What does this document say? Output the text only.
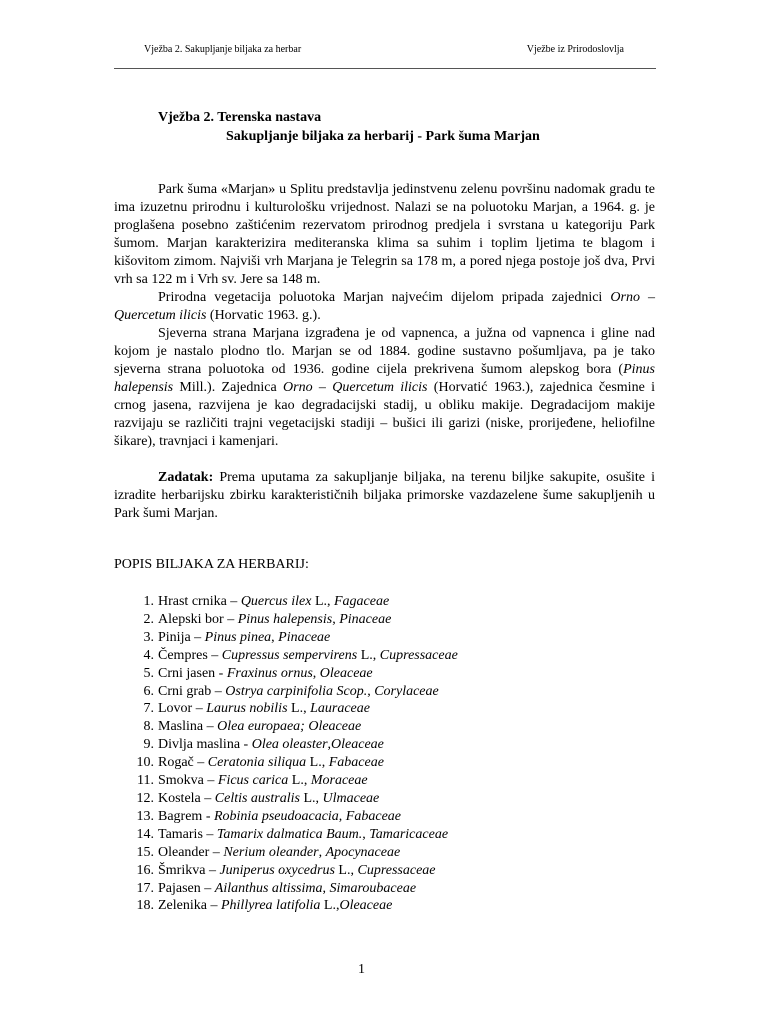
Vježba 2. Sakupljanje biljaka za herbar	Vježbe iz Prirodoslovlja
Vježba 2. Terenska nastava
Sakupljanje biljaka za herbarij - Park šuma Marjan

Park šuma «Marjan» u Splitu predstavlja jedinstvenu zelenu površinu nadomak gradu te ima izuzetnu prirodnu i kulturološku vrijednost. Nalazi se na poluotoku Marjan, a 1964. g. je proglašena posebno zaštićenim rezervatom prirodnog predjela i svrstana u kategoriju Park šumom. Marjan karakterizira mediteranska klima sa suhim i toplim ljetima te blagom i kišovitom zimom. Najviši vrh Marjana je Telegrin sa 178 m, a pored njega postoje još dva, Prvi vrh sa 122 m i Vrh sv. Jere sa 148 m.

Prirodna vegetacija poluotoka Marjan najvećim dijelom pripada zajednici Orno – Quercetum ilicis (Horvatic 1963. g.).

Sjeverna strana Marjana izgrađena je od vapnenca, a južna od vapnenca i gline nad kojom je nastalo plodno tlo. Marjan se od 1884. godine sustavno pošumljava, pa je tako sjeverna strana poluotoka od 1936. godine cijela prekrivena šumom alepskog bora (Pinus halepensis Mill.). Zajednica Orno – Quercetum ilicis (Horvatić 1963.), zajednica česmine i crnog jasena, razvijena je kao degradacijski stadij, u obliku makije. Degradacijom makije razvijaju se različiti trajni vegetacijski stadiji – bušici ili garizi (niske, prorijeđene, heliofilne šikare), travnjaci i kamenjari.

Zadatak: Prema uputama za sakupljanje biljaka, na terenu biljke sakupite, osušite i izradite herbarijsku zbirku karakterističnih biljaka primorske vazdazelene šume sakupljenih u Park šumi Marjan.

POPIS BILJAKA ZA HERBARIJ:
1. Hrast crnika – Quercus ilex L., Fagaceae
2. Alepski bor – Pinus halepensis, Pinaceae
3. Pinija – Pinus pinea, Pinaceae
4. Čempres – Cupressus sempervirens L., Cupressaceae
5. Crni jasen - Fraxinus ornus, Oleaceae
6. Crni grab – Ostrya carpinifolia Scop., Corylaceae
7. Lovor – Laurus nobilis L., Lauraceae
8. Maslina – Olea europaea; Oleaceae
9. Divlja maslina - Olea oleaster,Oleaceae
10. Rogač – Ceratonia siliqua L., Fabaceae
11. Smokva – Ficus carica L., Moraceae
12. Kostela – Celtis australis L., Ulmaceae
13. Bagrem - Robinia pseudoacacia, Fabaceae
14. Tamaris – Tamarix dalmatica Baum., Tamaricaceae
15. Oleander – Nerium oleander, Apocynaceae
16. Šmrikva – Juniperus oxycedrus L., Cupressaceae
17. Pajasen – Ailanthus altissima, Simaroubaceae
18. Zelenika – Phillyrea latifolia L.,Oleaceae
1
